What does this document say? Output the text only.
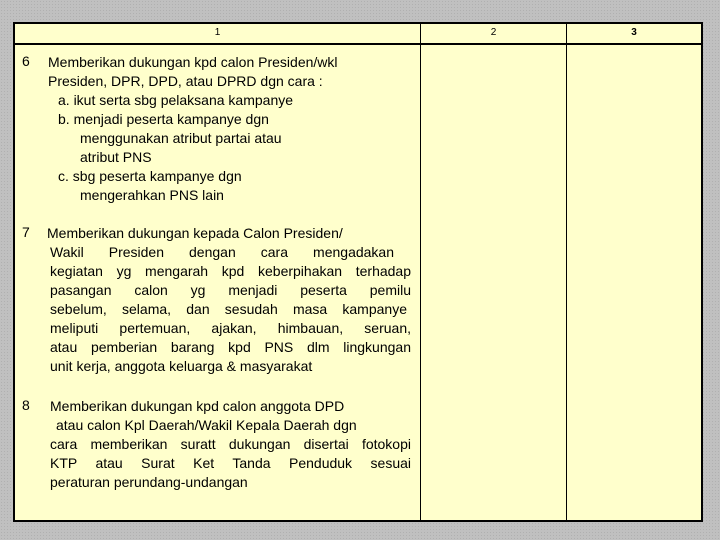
1	2	3
6 Memberikan dukungan kpd calon Presiden/wkl
Presiden, DPR, DPD, atau DPRD dgn cara :
a. ikut serta sbg pelaksana kampanye
b. menjadi peserta kampanye dgn
menggunakan atribut partai atau
atribut PNS
c. sbg peserta kampanye dgn
mengerahkan PNS lain
7 Memberikan dukungan kepada Calon Presiden/
Wakil Presiden dengan cara mengadakan
kegiatan yg mengarah kpd keberpihakan terhadap
pasangan calon yg menjadi peserta pemilu
sebelum, selama, dan sesudah masa kampanye
meliputi pertemuan, ajakan, himbauan, seruan,
atau pemberian barang kpd PNS dlm lingkungan
unit kerja, anggota keluarga & masyarakat
8 Memberikan dukungan kpd calon anggota DPD
atau calon Kpl Daerah/Wakil Kepala Daerah dgn
cara memberikan suratt dukungan disertai fotokopi
KTP atau Surat Ket Tanda Penduduk sesuai
peraturan perundang-undangan
